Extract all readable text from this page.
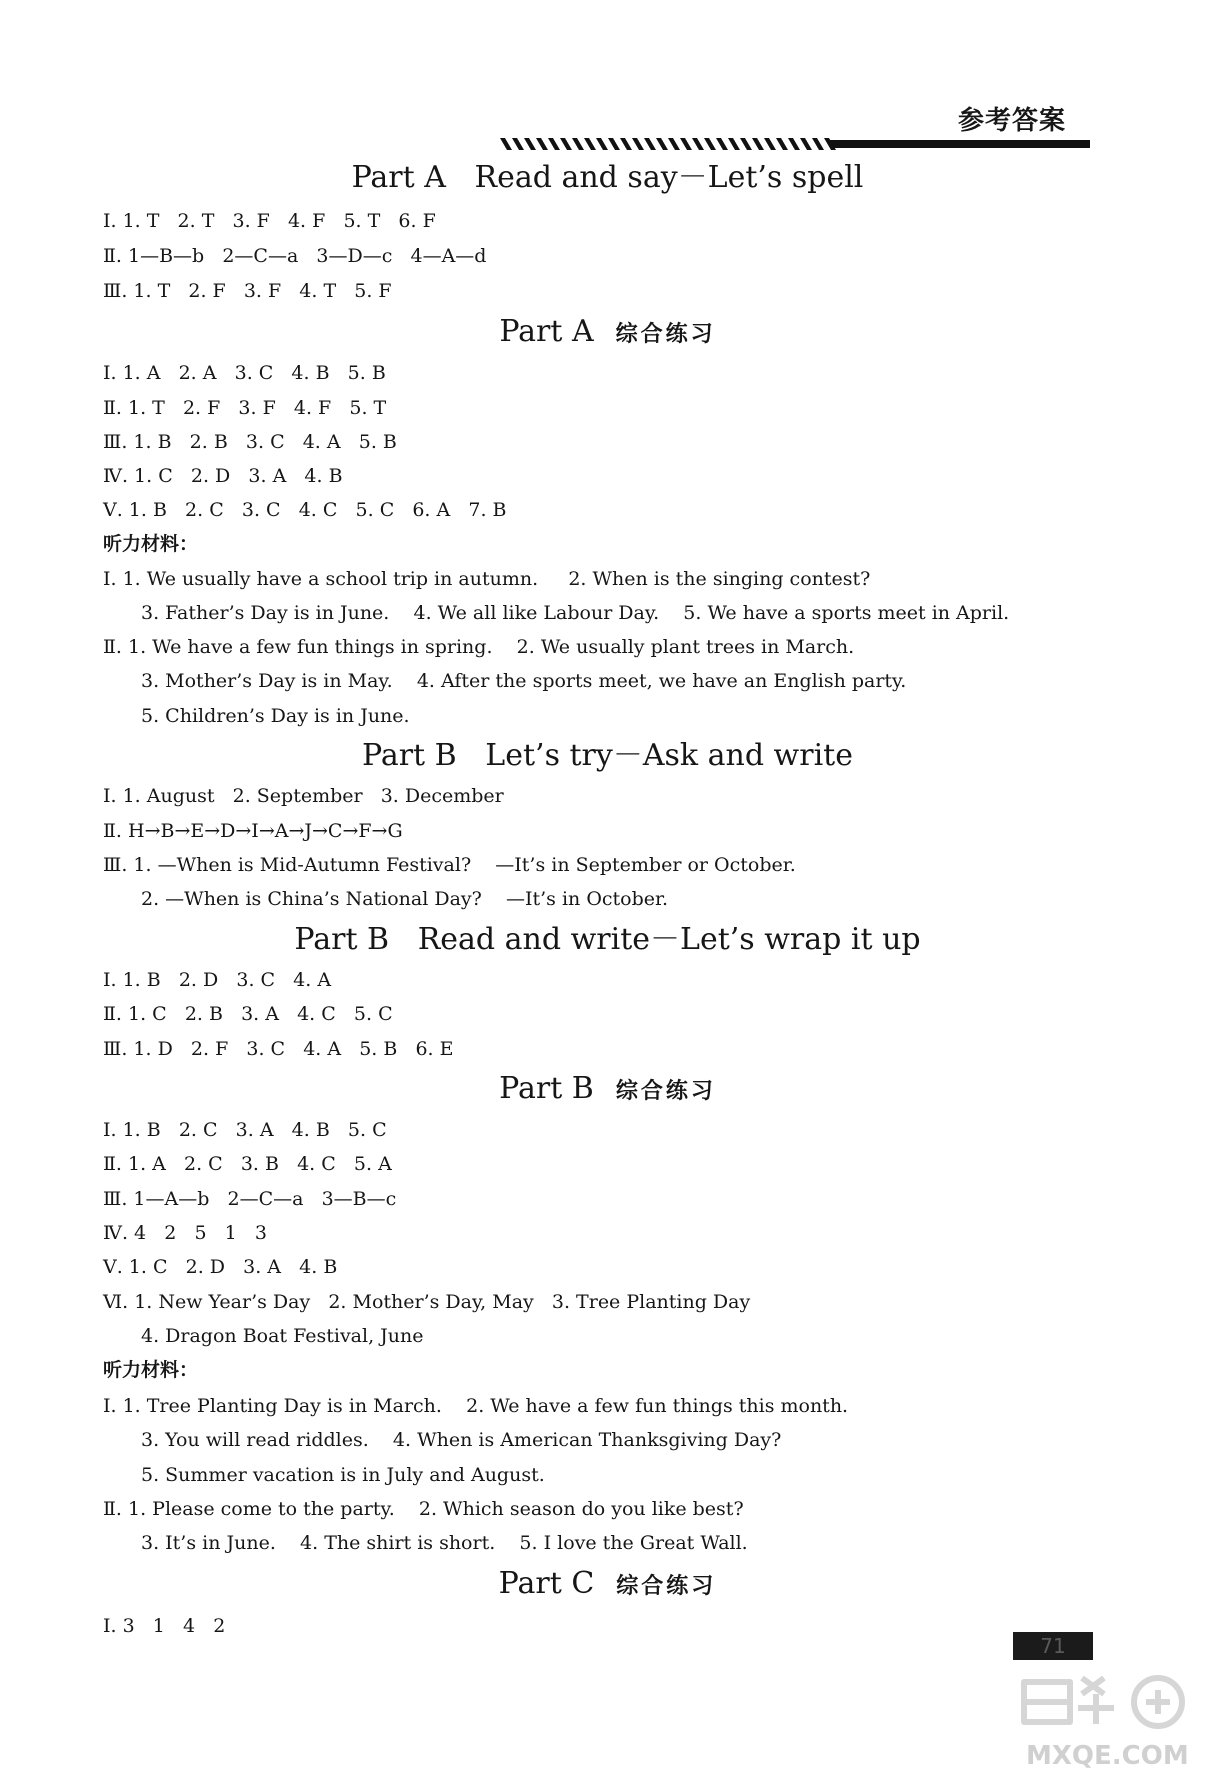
参考答案
Part A   Read and say－Let’s spell
Ⅰ. 1. T   2. T   3. F   4. F   5. T   6. F
Ⅱ. 1—B—b   2—C—a   3—D—c   4—A—d
Ⅲ. 1. T   2. F   3. F   4. T   5. F
Part A 综合练习
Ⅰ. 1. A   2. A   3. C   4. B   5. B
Ⅱ. 1. T   2. F   3. F   4. F   5. T
Ⅲ. 1. B   2. B   3. C   4. A   5. B
Ⅳ. 1. C   2. D   3. A   4. B
Ⅴ. 1. B   2. C   3. C   4. C   5. C   6. A   7. B
听力材料：
Ⅰ. 1. We usually have a school trip in autumn.     2. When is the singing contest?
3. Father’s Day is in June.    4. We all like Labour Day.    5. We have a sports meet in April.
Ⅱ. 1. We have a few fun things in spring.    2. We usually plant trees in March.
3. Mother’s Day is in May.    4. After the sports meet, we have an English party.
5. Children’s Day is in June.
Part B   Let’s try－Ask and write
Ⅰ. 1. August   2. September   3. December
Ⅱ. H→B→E→D→I→A→J→C→F→G
Ⅲ. 1. —When is Mid-Autumn Festival?    —It’s in September or October.
2. —When is China’s National Day?    —It’s in October.
Part B   Read and write－Let’s wrap it up
Ⅰ. 1. B   2. D   3. C   4. A
Ⅱ. 1. C   2. B   3. A   4. C   5. C
Ⅲ. 1. D   2. F   3. C   4. A   5. B   6. E
Part B 综合练习
Ⅰ. 1. B   2. C   3. A   4. B   5. C
Ⅱ. 1. A   2. C   3. B   4. C   5. A
Ⅲ. 1—A—b   2—C—a   3—B—c
Ⅳ. 4   2   5   1   3
Ⅴ. 1. C   2. D   3. A   4. B
Ⅵ. 1. New Year’s Day   2. Mother’s Day, May   3. Tree Planting Day
4. Dragon Boat Festival, June
听力材料：
Ⅰ. 1. Tree Planting Day is in March.    2. We have a few fun things this month.
3. You will read riddles.    4. When is American Thanksgiving Day?
5. Summer vacation is in July and August.
Ⅱ. 1. Please come to the party.    2. Which season do you like best?
3. It’s in June.    4. The shirt is short.    5. I love the Great Wall.
Part C 综合练习
Ⅰ. 3   1   4   2
71
MXQE.COM
